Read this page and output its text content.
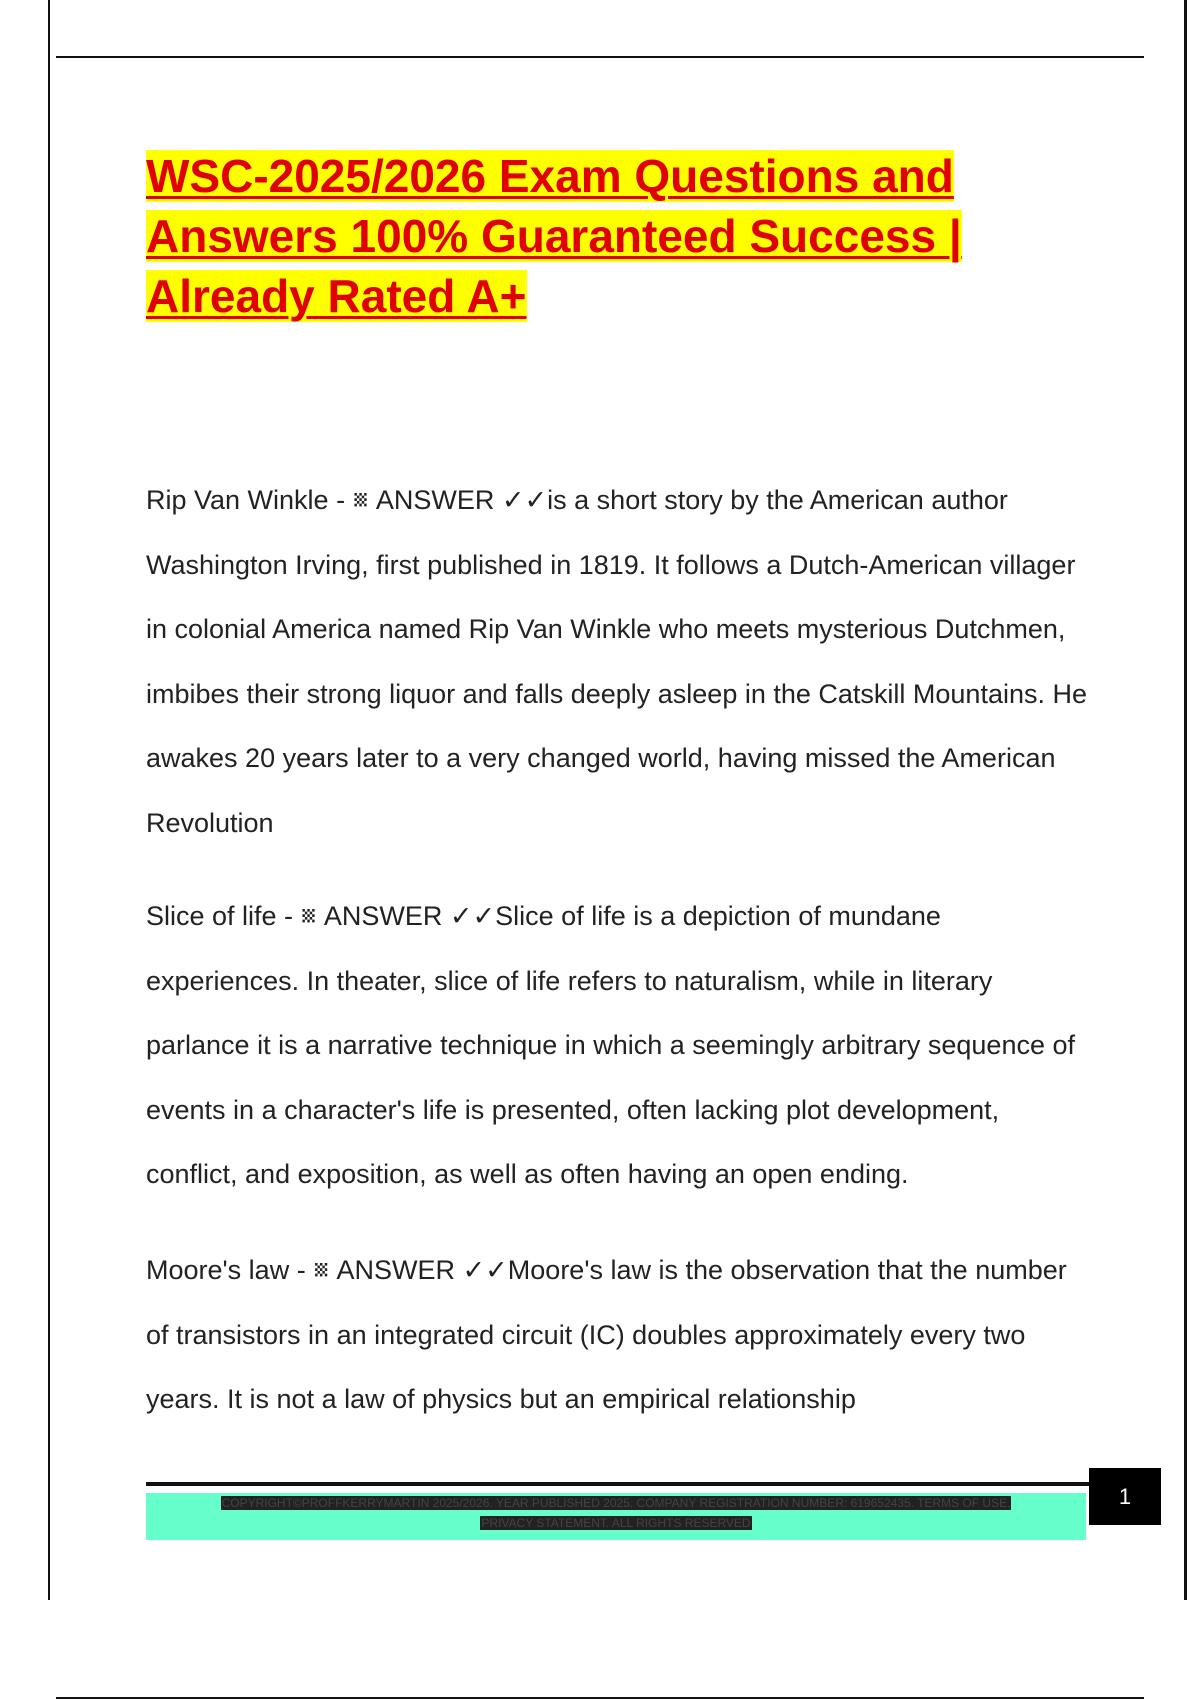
WSC-2025/2026 Exam Questions and
Answers 100% Guaranteed Success |
Already Rated A+

Rip Van Winkle - ␧ ANSWER ✓✓is a short story by the American author Washington Irving, first published in 1819. It follows a Dutch-American villager in colonial America named Rip Van Winkle who meets mysterious Dutchmen, imbibes their strong liquor and falls deeply asleep in the Catskill Mountains. He awakes 20 years later to a very changed world, having missed the American Revolution

Slice of life - ␧ ANSWER ✓✓Slice of life is a depiction of mundane experiences. In theater, slice of life refers to naturalism, while in literary parlance it is a narrative technique in which a seemingly arbitrary sequence of events in a character's life is presented, often lacking plot development, conflict, and exposition, as well as often having an open ending.

Moore's law - ␧ ANSWER ✓✓Moore's law is the observation that the number of transistors in an integrated circuit (IC) doubles approximately every two years. It is not a law of physics but an empirical relationship

COPYRIGHT©PROFFKERRYMARTIN 2025/2026. YEAR PUBLISHED 2025. COMPANY REGISTRATION NUMBER: 619652435. TERMS OF USE.
PRIVACY STATEMENT. ALL RIGHTS RESERVED
1
